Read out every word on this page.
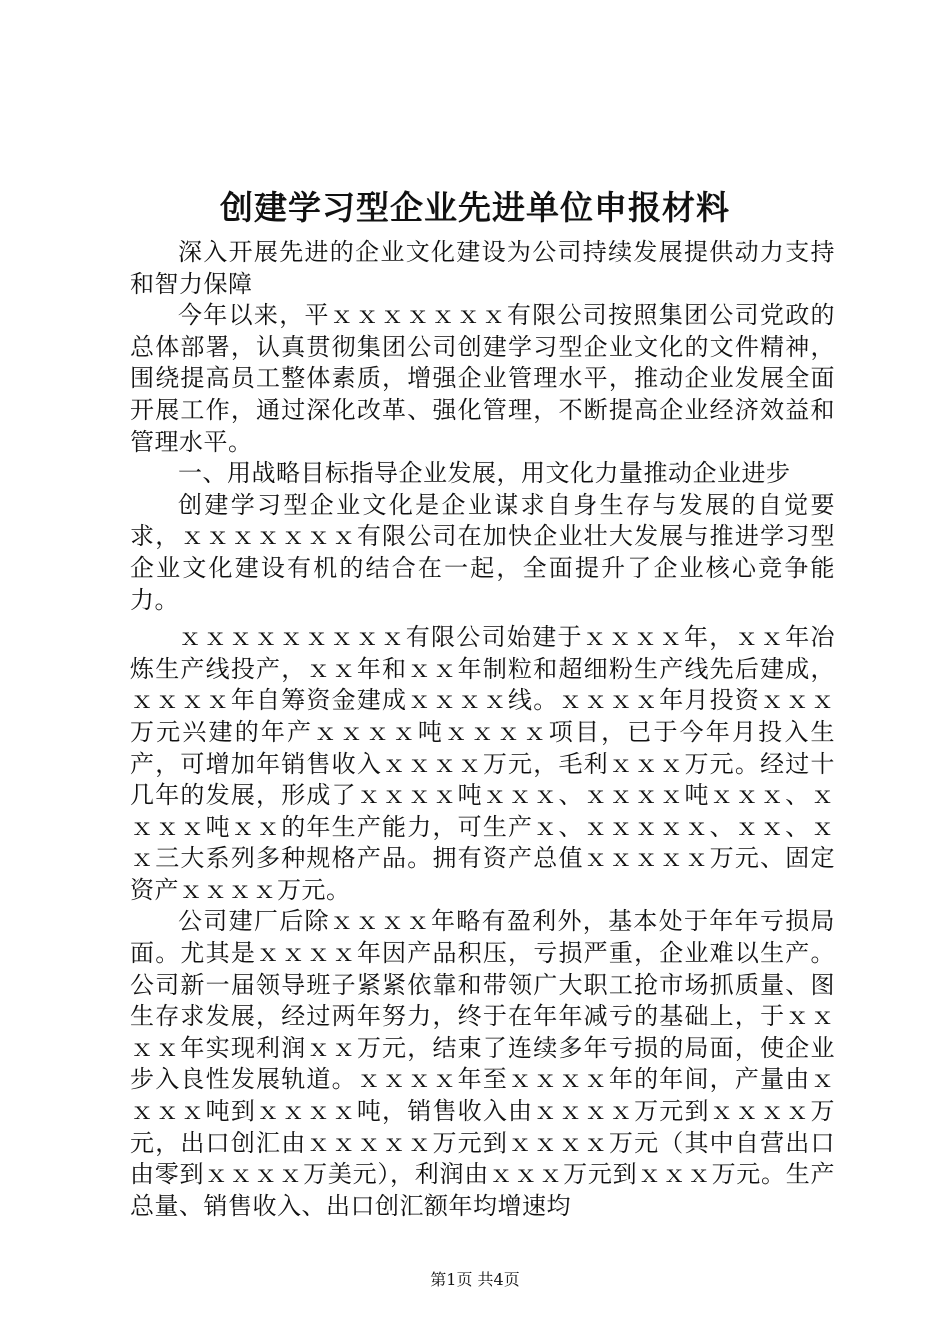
创建学习型企业先进单位申报材料

深入开展先进的企业文化建设为公司持续发展提供动力支持和智力保障

今年以来，平ｘｘｘｘｘｘｘ有限公司按照集团公司党政的总体部署，认真贯彻集团公司创建学习型企业文化的文件精神，围绕提高员工整体素质，增强企业管理水平，推动企业发展全面开展工作，通过深化改革、强化管理，不断提高企业经济效益和管理水平。

一、用战略目标指导企业发展，用文化力量推动企业进步

创建学习型企业文化是企业谋求自身生存与发展的自觉要求，ｘｘｘｘｘｘｘ有限公司在加快企业壮大发展与推进学习型企业文化建设有机的结合在一起，全面提升了企业核心竞争能力。

ｘｘｘｘｘｘｘｘｘ有限公司始建于ｘｘｘｘ年，ｘｘ年冶炼生产线投产，ｘｘ年和ｘｘ年制粒和超细粉生产线先后建成，ｘｘｘｘ年自筹资金建成ｘｘｘｘ线。ｘｘｘｘ年月投资ｘｘｘ万元兴建的年产ｘｘｘｘ吨ｘｘｘｘ项目，已于今年月投入生产，可增加年销售收入ｘｘｘｘ万元，毛利ｘｘｘ万元。经过十几年的发展，形成了ｘｘｘｘ吨ｘｘｘ、ｘｘｘｘ吨ｘｘｘ、ｘｘｘｘ吨ｘｘ的年生产能力，可生产ｘ、ｘｘｘｘｘ、ｘｘ、ｘｘ三大系列多种规格产品。拥有资产总值ｘｘｘｘｘ万元、固定资产ｘｘｘｘ万元。

公司建厂后除ｘｘｘｘ年略有盈利外，基本处于年年亏损局面。尤其是ｘｘｘｘ年因产品积压，亏损严重，企业难以生产。公司新一届领导班子紧紧依靠和带领广大职工抢市场抓质量、图生存求发展，经过两年努力，终于在年年减亏的基础上，于ｘｘｘｘ年实现利润ｘｘ万元，结束了连续多年亏损的局面，使企业步入良性发展轨道。ｘｘｘｘ年至ｘｘｘｘ年的年间，产量由ｘｘｘｘ吨到ｘｘｘｘ吨，销售收入由ｘｘｘｘ万元到ｘｘｘｘ万元，出口创汇由ｘｘｘｘｘ万元到ｘｘｘｘ万元（其中自营出口由零到ｘｘｘｘ万美元），利润由ｘｘｘ万元到ｘｘｘ万元。生产总量、销售收入、出口创汇额年均增速均

第1页 共4页
